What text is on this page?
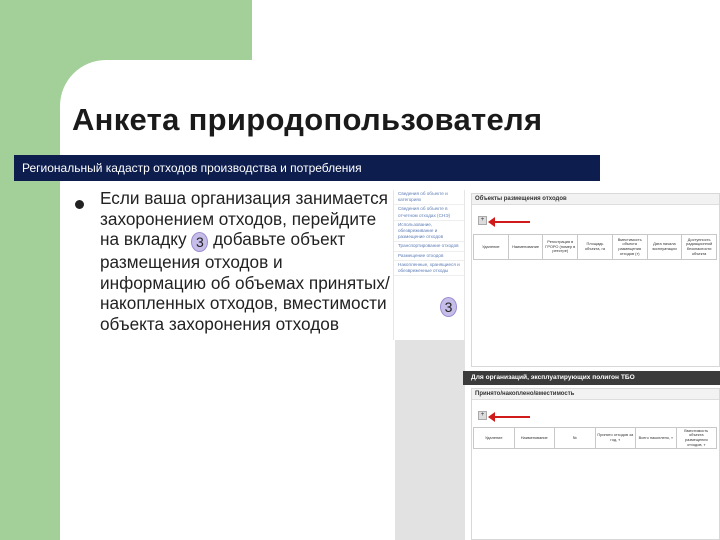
Анкета природопользователя
Региональный кадастр отходов производства и потребления
Если ваша организация занимается захоронением отходов, перейдите на вкладку 3 добавьте объект размещения отходов и информацию об объемах принятых/накопленных отходов, вместимости объекта захоронения отходов
Сведения об объекте и категориях
Сведения об объекте в отчетном отходах (СНЭ)
Использование, обезвреживание и размещение отходов
Транспортирование отходов
Размещение отходов
Накопленные, хранящиеся и обезвреженные отходы
3
Объекты размещения отходов
+
Удаление	Наименование	Регистрация в ГРОРО (номер в реестре)	Площадь объекта, га	Вместимость объекта размещения отходов (т)	Дата начала эксплуатации	Доступность радиационной безопасности объекта
Для организаций, эксплуатирующих полигон ТБО
Принято/накоплено/вместимость
+
Удаление	Наименование	№	Принято отходов за год, т	Всего накоплено, т	Вместимость объекта размещения отходов, т
